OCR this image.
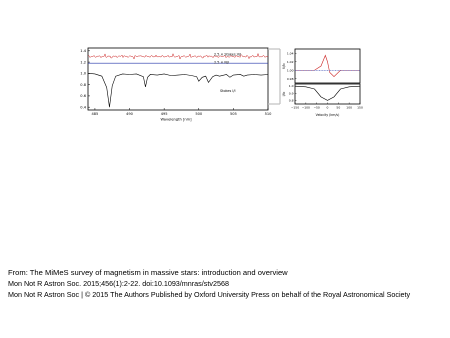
485	490	495	500	505	510
0.4
0.6
0.8
1.0
1.2
1.4
2.5 × Stokes V/I
2.5 × N/I
Stokes I/I
Wavelength [nm]
1.04
1.02
1.00
0.98
1.0
0.9
0.8
−150 −100 −50 0	50 100 150
V/Ic
I/Ic
Velocity (km/s)
From: The MiMeS survey of magnetism in massive stars: introduction and overview
Mon Not R Astron Soc. 2015;456(1):2-22. doi:10.1093/mnras/stv2568
Mon Not R Astron Soc | © 2015 The Authors Published by Oxford University Press on behalf of the Royal Astronomical Society
